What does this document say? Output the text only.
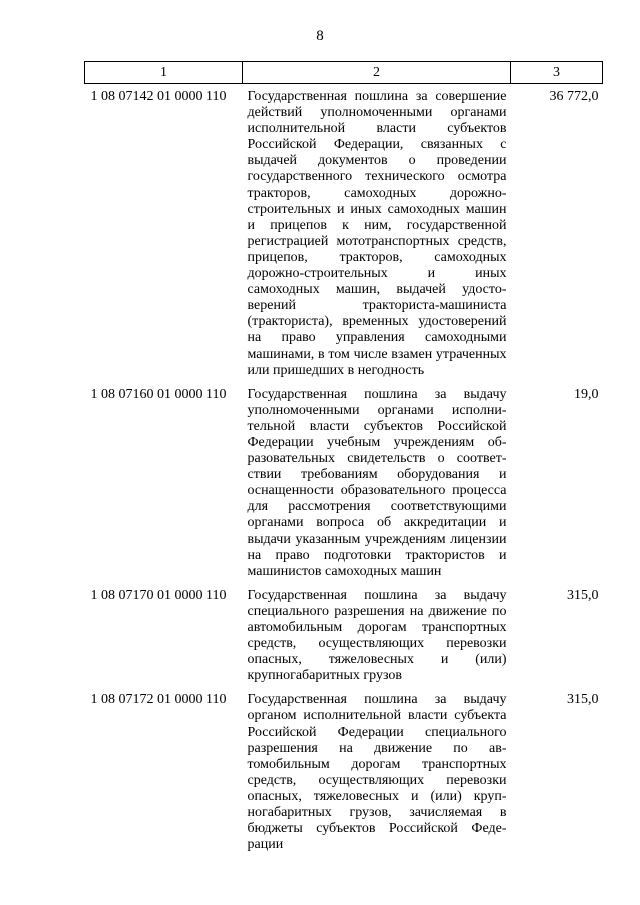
8
1	2	3
1 08 07142 01 0000 110	Государственная пошлина за совершение действий уполномоченными органами исполнительной власти субъектов Российской Федерации, связанных с выдачей документов о проведении государственного технического осмотра тракторов, самоходных дорожно-строительных и иных самоходных машин и прицепов к ним, государственной регистрацией мототранспортных средств, прицепов, тракторов, самоходных дорожно-строительных и иных самоходных машин, выдачей удостоверений тракториста-машиниста (тракториста), временных удостоверений на право управления самоходными машинами, в том числе взамен утраченных или пришедших в негодность	36 772,0
1 08 07160 01 0000 110	Государственная пошлина за выдачу уполномоченными органами исполнительной власти субъектов Российской Федерации учебным учреждениям образовательных свидетельств о соответствии требованиям оборудования и оснащенности образовательного процесса для рассмотрения соответствующими органами вопроса об аккредитации и выдачи указанным учреждениям лицензии на право подготовки трактористов и машинистов самоходных машин	19,0
1 08 07170 01 0000 110	Государственная пошлина за выдачу специального разрешения на движение по автомобильным дорогам транспортных средств, осуществляющих перевозки опасных, тяжеловесных и (или) крупногабаритных грузов	315,0
1 08 07172 01 0000 110	Государственная пошлина за выдачу органом исполнительной власти субъекта Российской Федерации специального разрешения на движение по автомобильным дорогам транспортных средств, осуществляющих перевозки опасных, тяжеловесных и (или) крупногабаритных грузов, зачисляемая в бюджеты субъектов Российской Федерации	315,0
